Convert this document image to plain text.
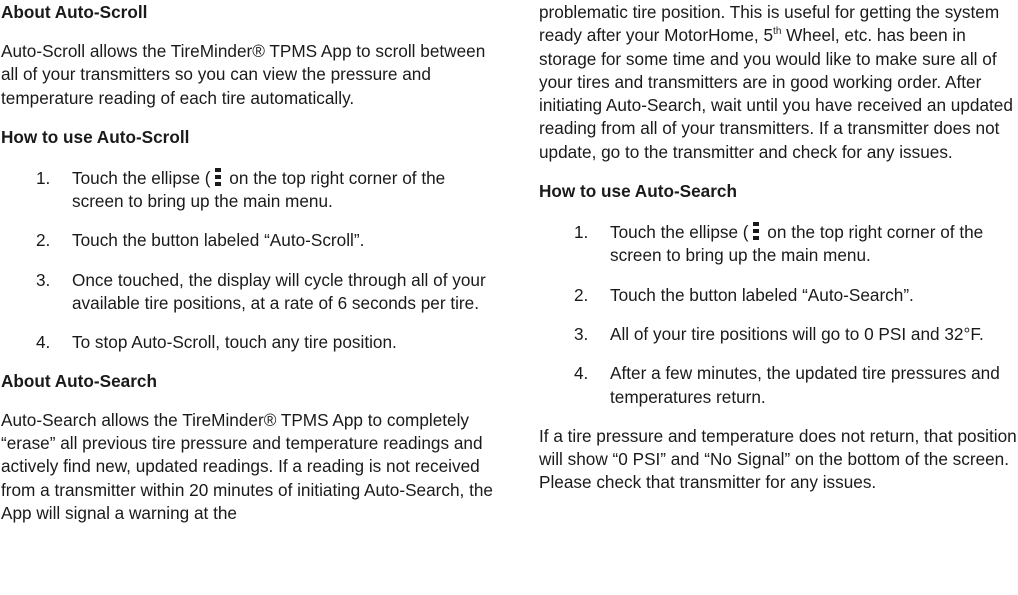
About Auto-Scroll

Auto-Scroll allows the TireMinder® TPMS App to scroll between all of your transmitters so you can view the pressure and temperature reading of each tire automatically.

How to use Auto-Scroll
1. Touch the ellipse (
on the top right corner of the screen to bring up the main menu.
2. Touch the button labeled “Auto-Scroll”.
3. Once touched, the display will cycle through all of your available tire positions, at a rate of 6 seconds per tire.
4. To stop Auto-Scroll, touch any tire position.
About Auto-Search

Auto-Search allows the TireMinder® TPMS App to completely “erase” all previous tire pressure and temperature readings and actively find new, updated readings. If a reading is not received from a transmitter within 20 minutes of initiating Auto-Search, the App will signal a warning at the

problematic tire position. This is useful for getting the system ready after your MotorHome, 5th Wheel, etc. has been in storage for some time and you would like to make sure all of your tires and transmitters are in good working order. After initiating Auto-Search, wait until you have received an updated reading from all of your transmitters. If a transmitter does not update, go to the transmitter and check for any issues.

How to use Auto-Search
1. Touch the ellipse (
on the top right corner of the screen to bring up the main menu.
2. Touch the button labeled “Auto-Search”.
3. All of your tire positions will go to 0 PSI and 32°F.
4. After a few minutes, the updated tire pressures and temperatures return.

If a tire pressure and temperature does not return, that position will show “0 PSI” and “No Signal” on the bottom of the screen. Please check that transmitter for any issues.
